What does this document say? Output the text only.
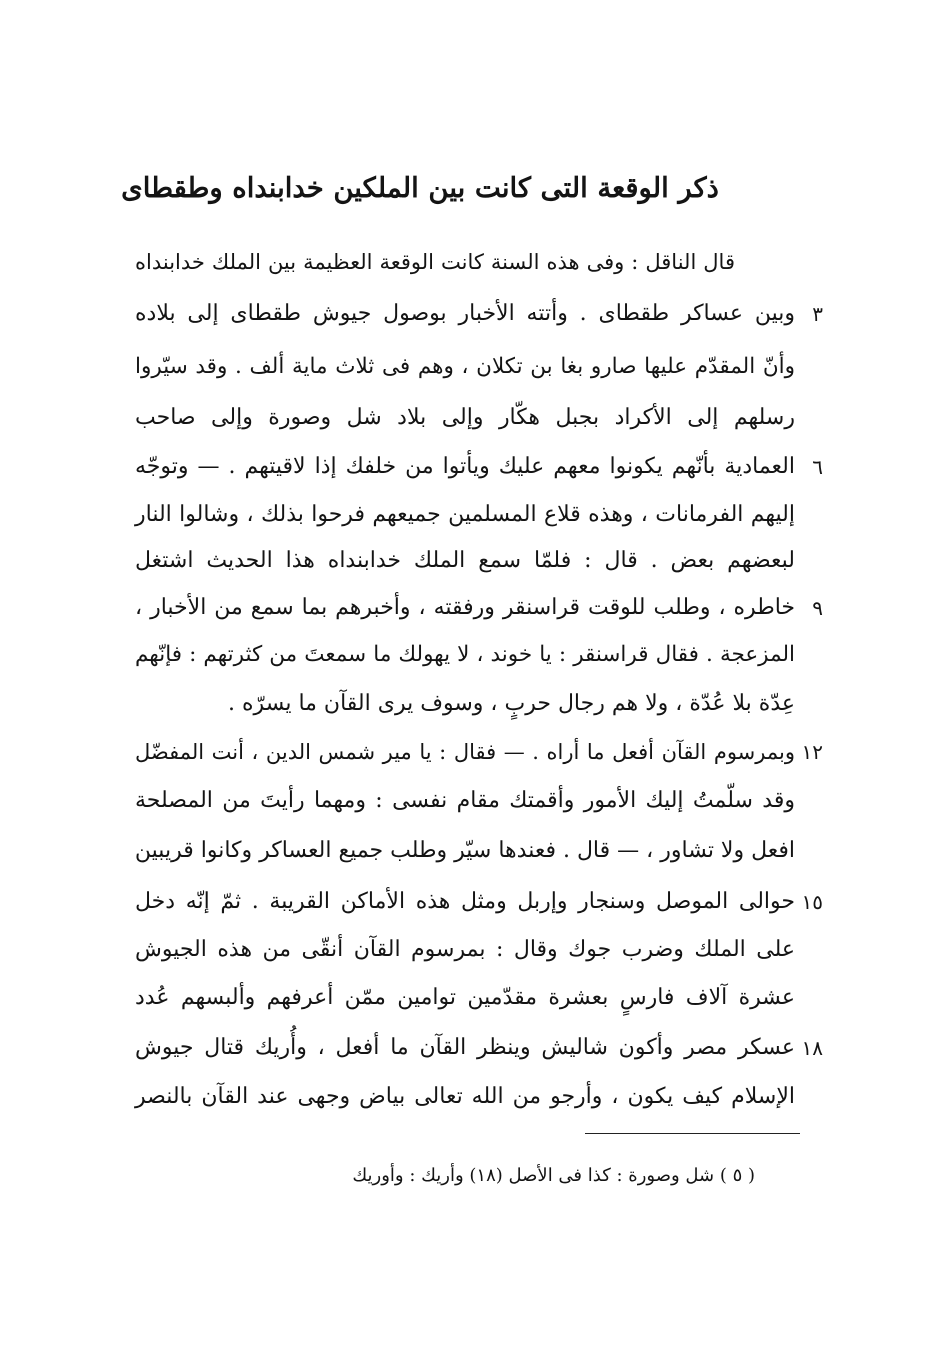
ذكر الوقعة التى كانت بين الملكين خدابنداه وطقطاى
قال الناقل : وفى هذه السنة كانت الوقعة العظيمة بين الملك خدابنداه
وبين عساكر طقطاى . وأتته الأخبار بوصول جيوش طقطاى إلى بلاده
وأنّ المقدّم عليها صارو بغا بن تكلان ، وهم فى ثلاث ماية ألف . وقد سيّروا
رسلهم إلى الأكراد بجبل هكّار وإلى بلاد شل وصورة وإلى صاحب
العمادية بأنّهم يكونوا معهم عليك ويأتوا من خلفك إذا لاقيتهم . — وتوجّه
إليهم الفرمانات ، وهذه قلاع المسلمين جميعهم فرحوا بذلك ، وشالوا النار
لبعضهم بعض . قال : فلمّا سمع الملك خدابنداه هذا الحديث اشتغل
خاطره ، وطلب للوقت قراسنقر ورفقته ، وأخبرهم بما سمع من الأخبار ،
المزعجة . فقال قراسنقر : يا خوند ، لا يهولك ما سمعتَ من كثرتهم : فإنّهم
عِدّة بلا عُدّة ، ولا هم رجال حربٍ ، وسوف يرى القآن ما يسرّه .
وبمرسوم القآن أفعل ما أراه . — فقال : يا مير شمس الدين ، أنت المفضّل
وقد سلّمتُ إليك الأمور وأقمتك مقام نفسى : ومهما رأيتَ من المصلحة
افعل ولا تشاور ، — قال . فعندها سيّر وطلب جميع العساكر وكانوا قريبين
حوالى الموصل وسنجار وإربل ومثل هذه الأماكن القريبة . ثمّ إنّه دخل
على الملك وضرب جوك وقال : بمرسوم القآن أنقّى من هذه الجيوش
عشرة آلاف فارسٍ بعشرة مقدّمين توامين ممّن أعرفهم وألبسهم عُدد
عسكر مصر وأكون شاليش وينظر القآن ما أفعل ، وأُريك قتال جيوش
الإسلام كيف يكون ، وأرجو من الله تعالى بياض وجهى عند القآن بالنصر
٣
٦
٩
١٢
١٥
١٨
( ٥ ) شل وصورة : كذا فى الأصل (١٨) وأريك : وأوريك
